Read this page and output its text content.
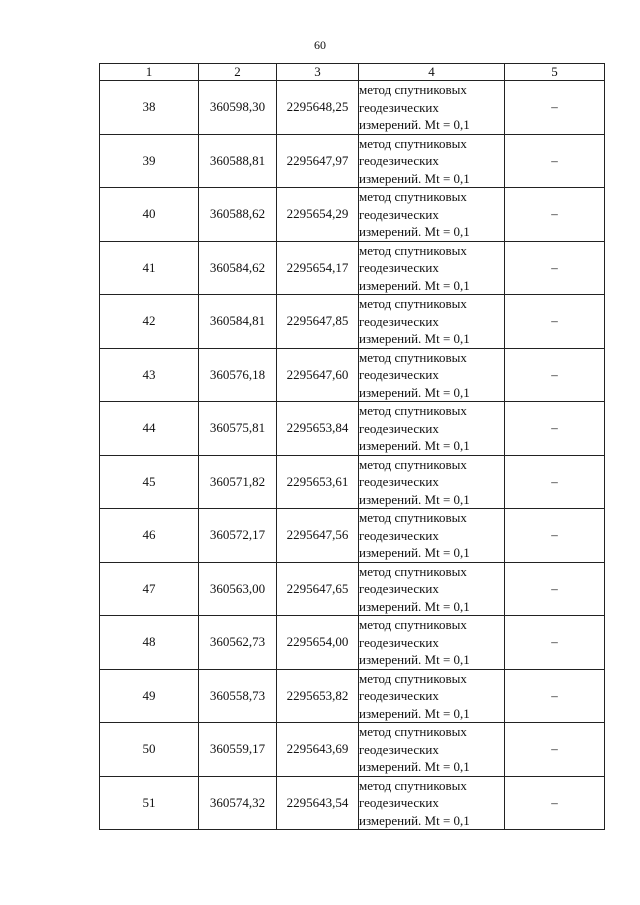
60
1	2	3	4	5
38	360598,30	2295648,25	метод спутниковых
геодезических
измерений. Mt = 0,1	–
39	360588,81	2295647,97	метод спутниковых
геодезических
измерений. Mt = 0,1	–
40	360588,62	2295654,29	метод спутниковых
геодезических
измерений. Mt = 0,1	–
41	360584,62	2295654,17	метод спутниковых
геодезических
измерений. Mt = 0,1	–
42	360584,81	2295647,85	метод спутниковых
геодезических
измерений. Mt = 0,1	–
43	360576,18	2295647,60	метод спутниковых
геодезических
измерений. Mt = 0,1	–
44	360575,81	2295653,84	метод спутниковых
геодезических
измерений. Mt = 0,1	–
45	360571,82	2295653,61	метод спутниковых
геодезических
измерений. Mt = 0,1	–
46	360572,17	2295647,56	метод спутниковых
геодезических
измерений. Mt = 0,1	–
47	360563,00	2295647,65	метод спутниковых
геодезических
измерений. Mt = 0,1	–
48	360562,73	2295654,00	метод спутниковых
геодезических
измерений. Mt = 0,1	–
49	360558,73	2295653,82	метод спутниковых
геодезических
измерений. Mt = 0,1	–
50	360559,17	2295643,69	метод спутниковых
геодезических
измерений. Mt = 0,1	–
51	360574,32	2295643,54	метод спутниковых
геодезических
измерений. Mt = 0,1	–
